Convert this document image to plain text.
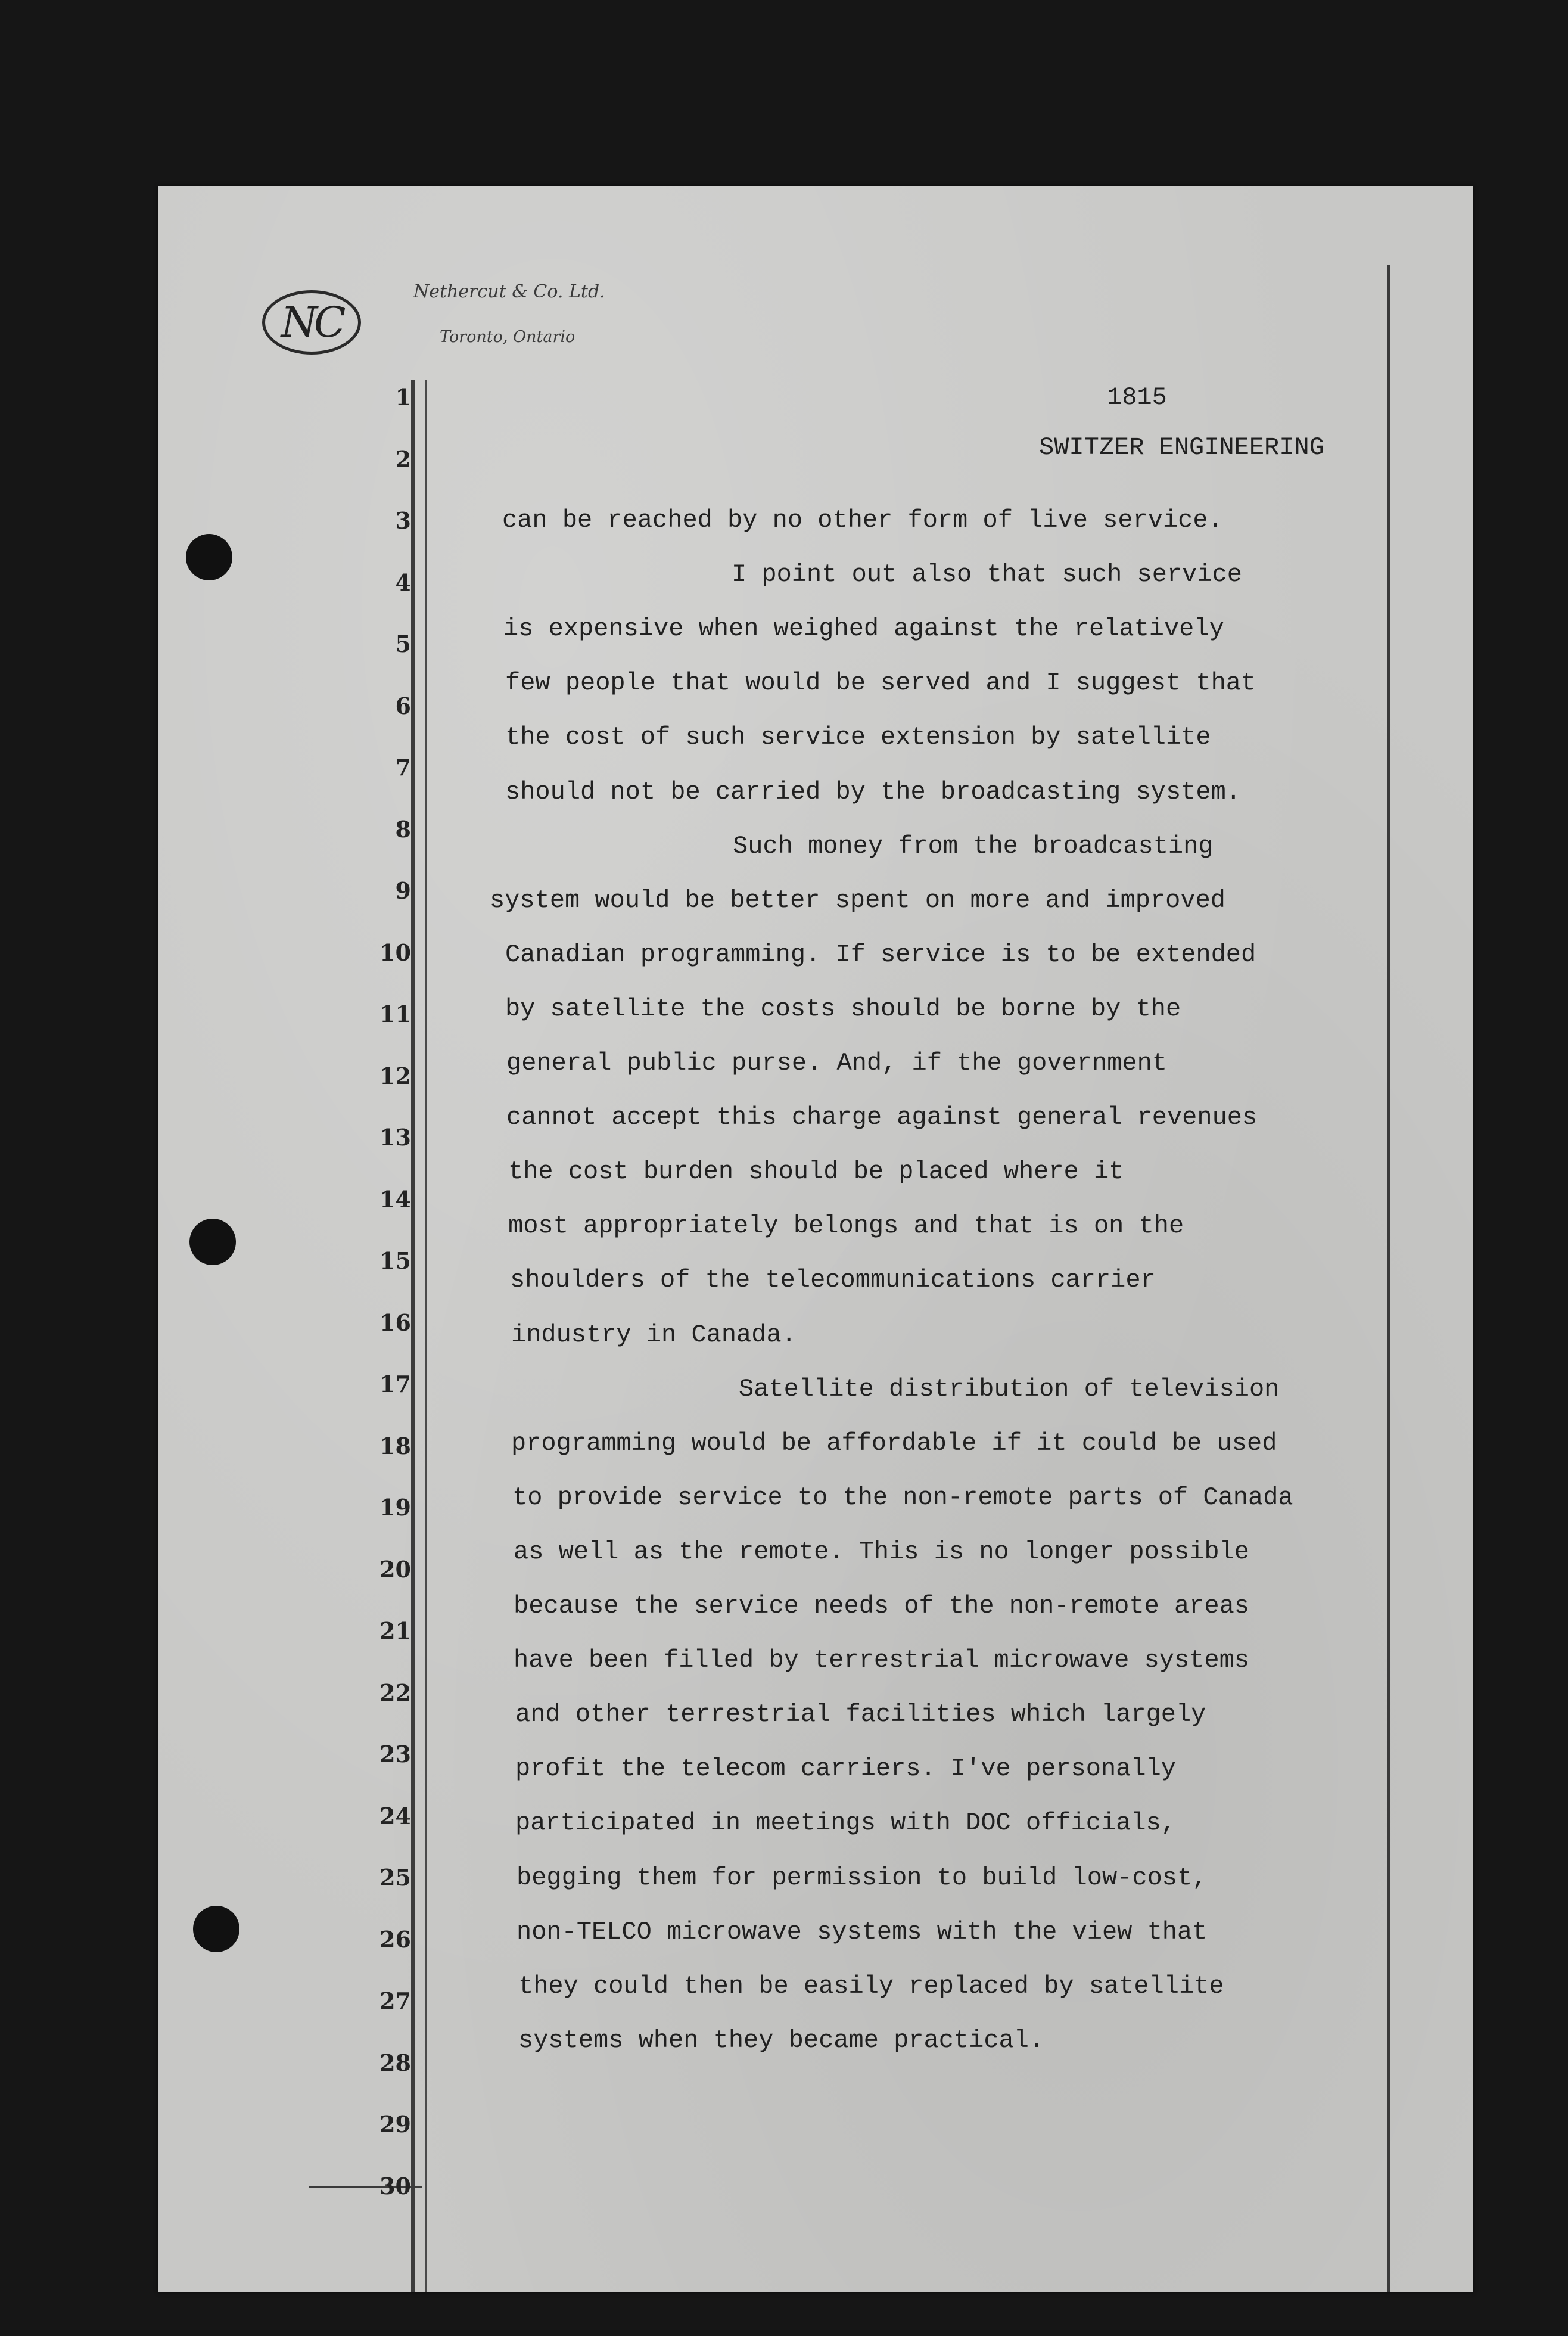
NC
Nethercut & Co. Ltd.
Toronto, Ontario
1815
SWITZER ENGINEERING
1
2
3
4
5
6
7
8
9
10
11
12
13
14
15
16
17
18
19
20
21
22
23
24
25
26
27
28
29
30
can be reached by no other form of live service.
I point out also that such service
is expensive when weighed against the relatively
few people that would be served and I suggest that
the cost of such service extension by satellite
should not be carried by the broadcasting system.
Such money from the broadcasting
system would be better spent on more and improved
Canadian programming. If service is to be extended
by satellite the costs should be borne by the
general public purse. And, if the government
cannot accept this charge against general revenues
the cost burden should be placed where it
most appropriately belongs and that is on the
shoulders of the telecommunications carrier
industry in Canada.
Satellite distribution of television
programming would be affordable if it could be used
to provide service to the non-remote parts of Canada
as well as the remote. This is no longer possible
because the service needs of the non-remote areas
have been filled by terrestrial microwave systems
and other terrestrial facilities which largely
profit the telecom carriers. I've personally
participated in meetings with DOC officials,
begging them for permission to build low-cost,
non-TELCO microwave systems with the view that
they could then be easily replaced by satellite
systems when they became practical.
